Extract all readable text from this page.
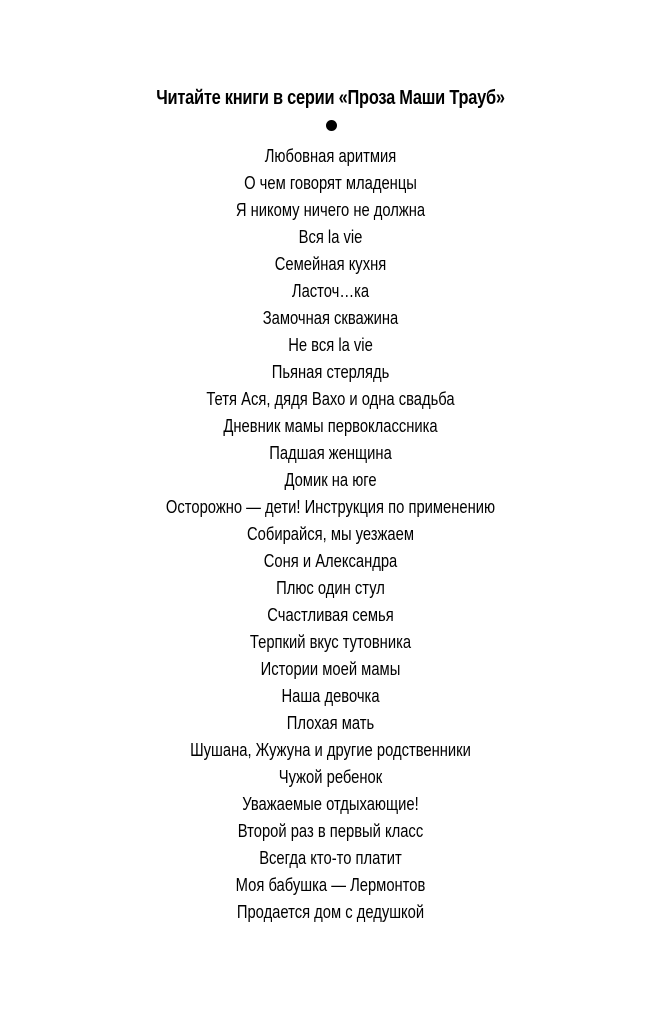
Читайте книги в серии «Проза Маши Трауб»
Любовная аритмия
О чем говорят младенцы
Я никому ничего не должна
Вся la vie
Семейная кухня
Ласточ…ка
Замочная скважина
Не вся la vie
Пьяная стерлядь
Тетя Ася, дядя Вахо и одна свадьба
Дневник мамы первоклассника
Падшая женщина
Домик на юге
Осторожно — дети! Инструкция по применению
Собирайся, мы уезжаем
Соня и Александра
Плюс один стул
Счастливая семья
Терпкий вкус тутовника
Истории моей мамы
Наша девочка
Плохая мать
Шушана, Жужуна и другие родственники
Чужой ребенок
Уважаемые отдыхающие!
Второй раз в первый класс
Всегда кто-то платит
Моя бабушка — Лермонтов
Продается дом с дедушкой
